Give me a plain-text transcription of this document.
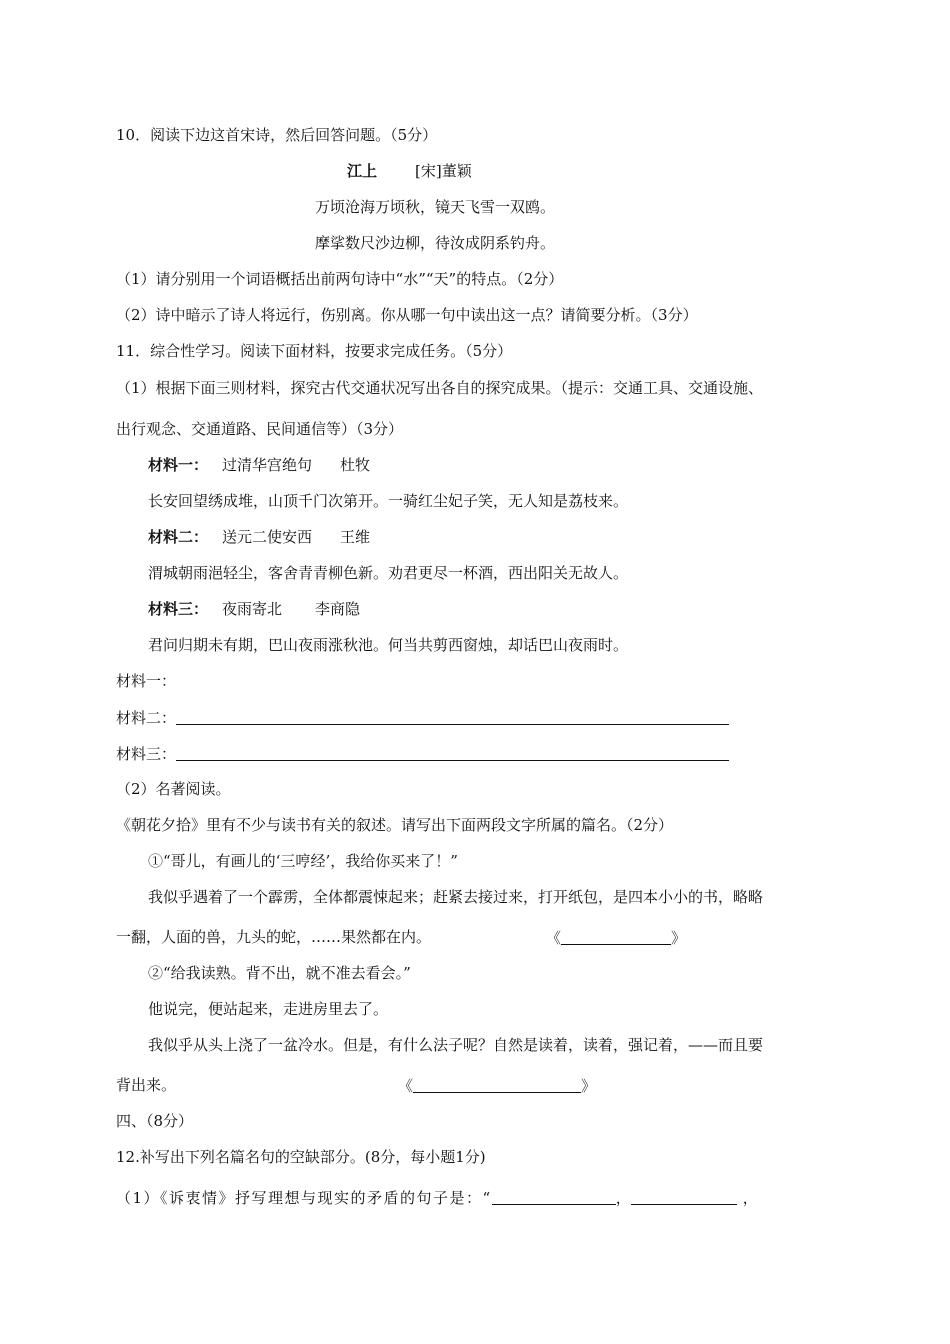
10．阅读下边这首宋诗，然后回答问题。（5分）
江上	[宋]董颖
万顷沧海万顷秋，镜天飞雪一双鸥。
摩挲数尺沙边柳，待汝成阴系钓舟。
（1）请分别用一个词语概括出前两句诗中“水”“天”的特点。（2分）
（2）诗中暗示了诗人将远行，伤别离。你从哪一句中读出这一点？请简要分析。（3分）
11．综合性学习。阅读下面材料，按要求完成任务。（5分）
（1）根据下面三则材料，探究古代交通状况写出各自的探究成果。（提示：交通工具、交通设施、
出行观念、交通道路、民间通信等）（3分）
材料一： 过清华宫绝句 杜牧
长安回望绣成堆，山顶千门次第开。一骑红尘妃子笑，无人知是荔枝来。
材料二： 送元二使安西 王维
渭城朝雨浥轻尘，客舍青青柳色新。劝君更尽一杯酒，西出阳关无故人。
材料三： 夜雨寄北 李商隐
君问归期未有期，巴山夜雨涨秋池。何当共剪西窗烛，却话巴山夜雨时。
材料一：
材料二：
材料三：
（2）名著阅读。
《朝花夕拾》里有不少与读书有关的叙述。请写出下面两段文字所属的篇名。（2分）
①“哥儿，有画儿的‘三哼经’，我给你买来了！”
我似乎遇着了一个霹雳，全体都震悚起来；赶紧去接过来，打开纸包，是四本小小的书，略略
一翻，人面的兽，九头的蛇，……果然都在内。	《	》
②“给我读熟。背不出，就不准去看会。”
他说完，便站起来，走进房里去了。
我似乎从头上浇了一盆冷水。但是，有什么法子呢？自然是读着，读着，强记着，——而且要
背出来。	《	》
四、（8分）
12.补写出下列名篇名句的空缺部分。(8分，每小题1分)
（1）《诉衷情》抒写理想与现实的矛盾的句子是：“	，	，
